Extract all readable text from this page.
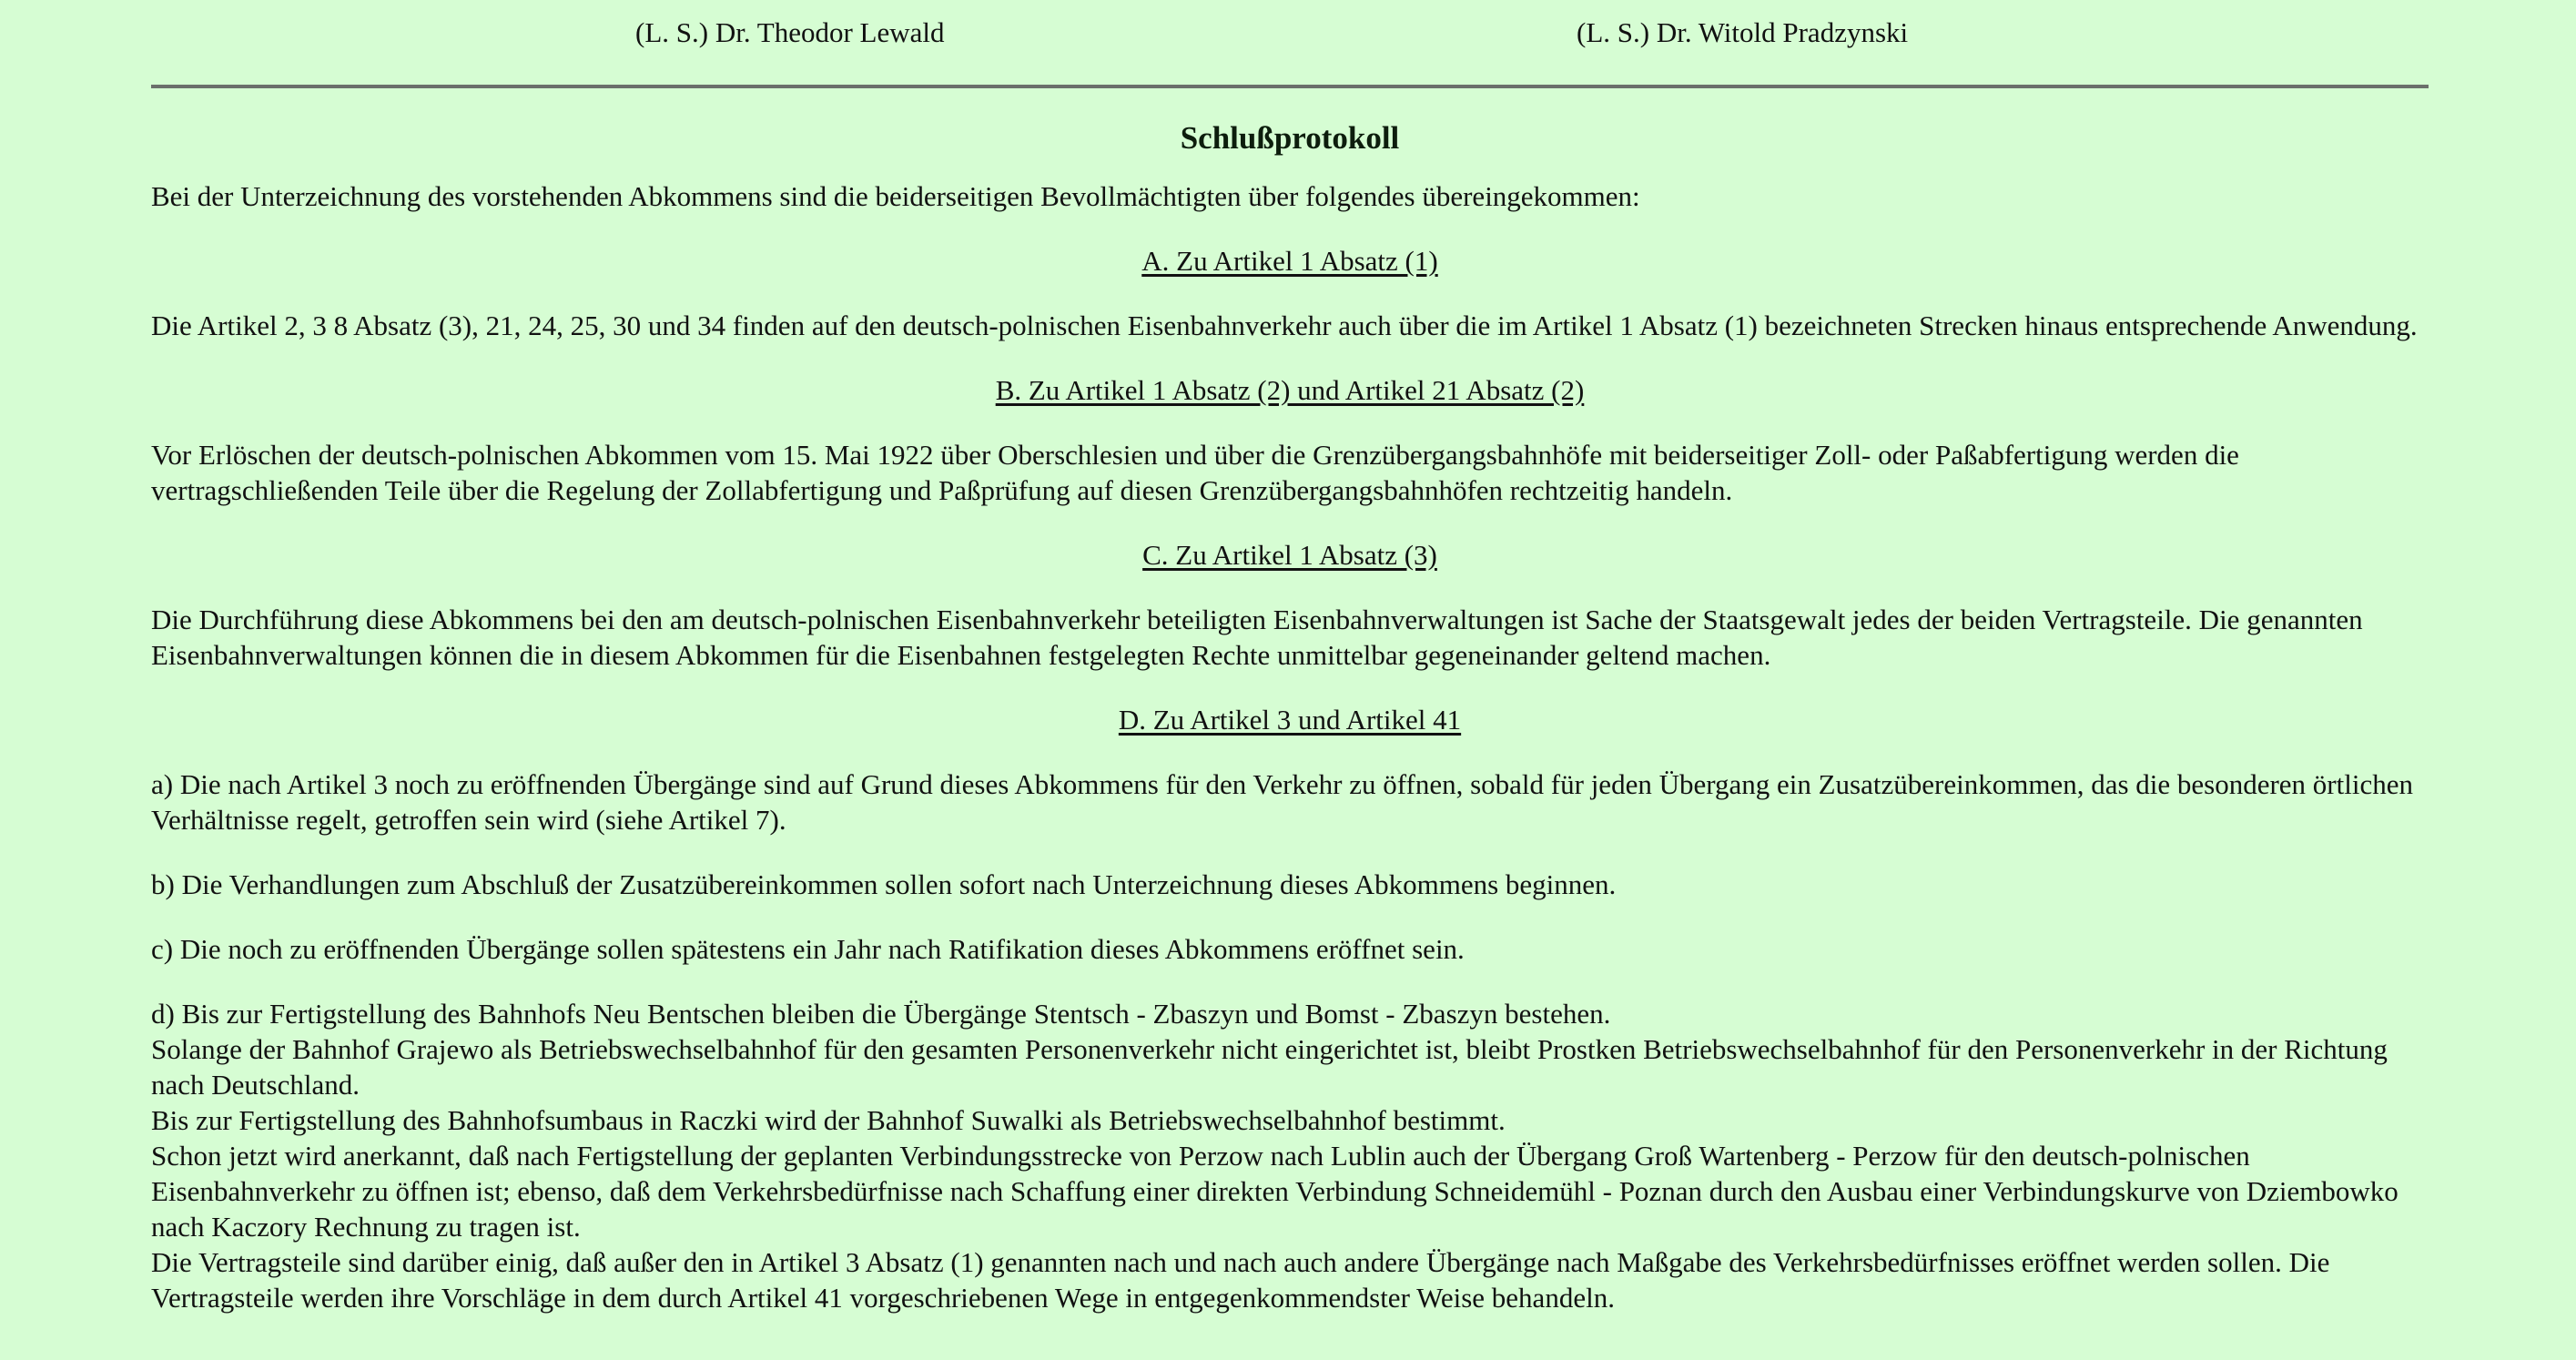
(L. S.) Dr. Theodor Lewald	(L. S.) Dr. Witold Pradzynski
Schlußprotokoll

Bei der Unterzeichnung des vorstehenden Abkommens sind die beiderseitigen Bevollmächtigten über folgendes übereingekommen:

A. Zu Artikel 1 Absatz (1)

Die Artikel 2, 3 8 Absatz (3), 21, 24, 25, 30 und 34 finden auf den deutsch-polnischen Eisenbahnverkehr auch über die im Artikel 1 Absatz (1) bezeichneten Strecken hinaus entsprechende Anwendung.

B. Zu Artikel 1 Absatz (2) und Artikel 21 Absatz (2)

Vor Erlöschen der deutsch-polnischen Abkommen vom 15. Mai 1922 über Oberschlesien und über die Grenzübergangsbahnhöfe mit beiderseitiger Zoll- oder Paßabfertigung werden die vertragschließenden Teile über die Regelung der Zollabfertigung und Paßprüfung auf diesen Grenzübergangsbahnhöfen rechtzeitig handeln.

C. Zu Artikel 1 Absatz (3)

Die Durchführung diese Abkommens bei den am deutsch-polnischen Eisenbahnverkehr beteiligten Eisenbahnverwaltungen ist Sache der Staatsgewalt jedes der beiden Vertragsteile. Die genannten Eisenbahnverwaltungen können die in diesem Abkommen für die Eisenbahnen festgelegten Rechte unmittelbar gegeneinander geltend machen.

D. Zu Artikel 3 und Artikel 41

a) Die nach Artikel 3 noch zu eröffnenden Übergänge sind auf Grund dieses Abkommens für den Verkehr zu öffnen, sobald für jeden Übergang ein Zusatzübereinkommen, das die besonderen örtlichen Verhältnisse regelt, getroffen sein wird (siehe Artikel 7).

b) Die Verhandlungen zum Abschluß der Zusatzübereinkommen sollen sofort nach Unterzeichnung dieses Abkommens beginnen.

c) Die noch zu eröffnenden Übergänge sollen spätestens ein Jahr nach Ratifikation dieses Abkommens eröffnet sein.

d) Bis zur Fertigstellung des Bahnhofs Neu Bentschen bleiben die Übergänge Stentsch - Zbaszyn und Bomst - Zbaszyn bestehen.
Solange der Bahnhof Grajewo als Betriebswechselbahnhof für den gesamten Personenverkehr nicht eingerichtet ist, bleibt Prostken Betriebswechselbahnhof für den Personenverkehr in der Richtung nach Deutschland.
Bis zur Fertigstellung des Bahnhofsumbaus in Raczki wird der Bahnhof Suwalki als Betriebswechselbahnhof bestimmt.
Schon jetzt wird anerkannt, daß nach Fertigstellung der geplanten Verbindungsstrecke von Perzow nach Lublin auch der Übergang Groß Wartenberg - Perzow für den deutsch-polnischen Eisenbahnverkehr zu öffnen ist; ebenso, daß dem Verkehrsbedürfnisse nach Schaffung einer direkten Verbindung Schneidemühl - Poznan durch den Ausbau einer Verbindungskurve von Dziembowko nach Kaczory Rechnung zu tragen ist.
Die Vertragsteile sind darüber einig, daß außer den in Artikel 3 Absatz (1) genannten nach und nach auch andere Übergänge nach Maßgabe des Verkehrsbedürfnisses eröffnet werden sollen. Die Vertragsteile werden ihre Vorschläge in dem durch Artikel 41 vorgeschriebenen Wege in entgegenkommendster Weise behandeln.
